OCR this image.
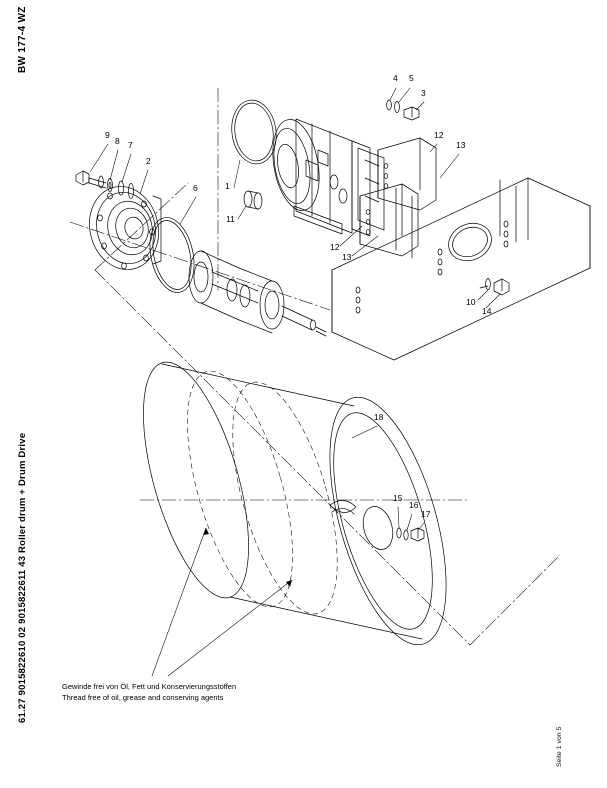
BW 177-4 WZ
61.27 9015822610 02 9015822611 43 Roller drum + Drum Drive
Seite 1 von 5
Gewinde frei von Öl, Fett und Konservierungsstoffen
Thread free of oil, grease and conserving agents
1
2
3
4 5
6
7
8
9
10
11
12
13
12
13
14
15
16
17
18
